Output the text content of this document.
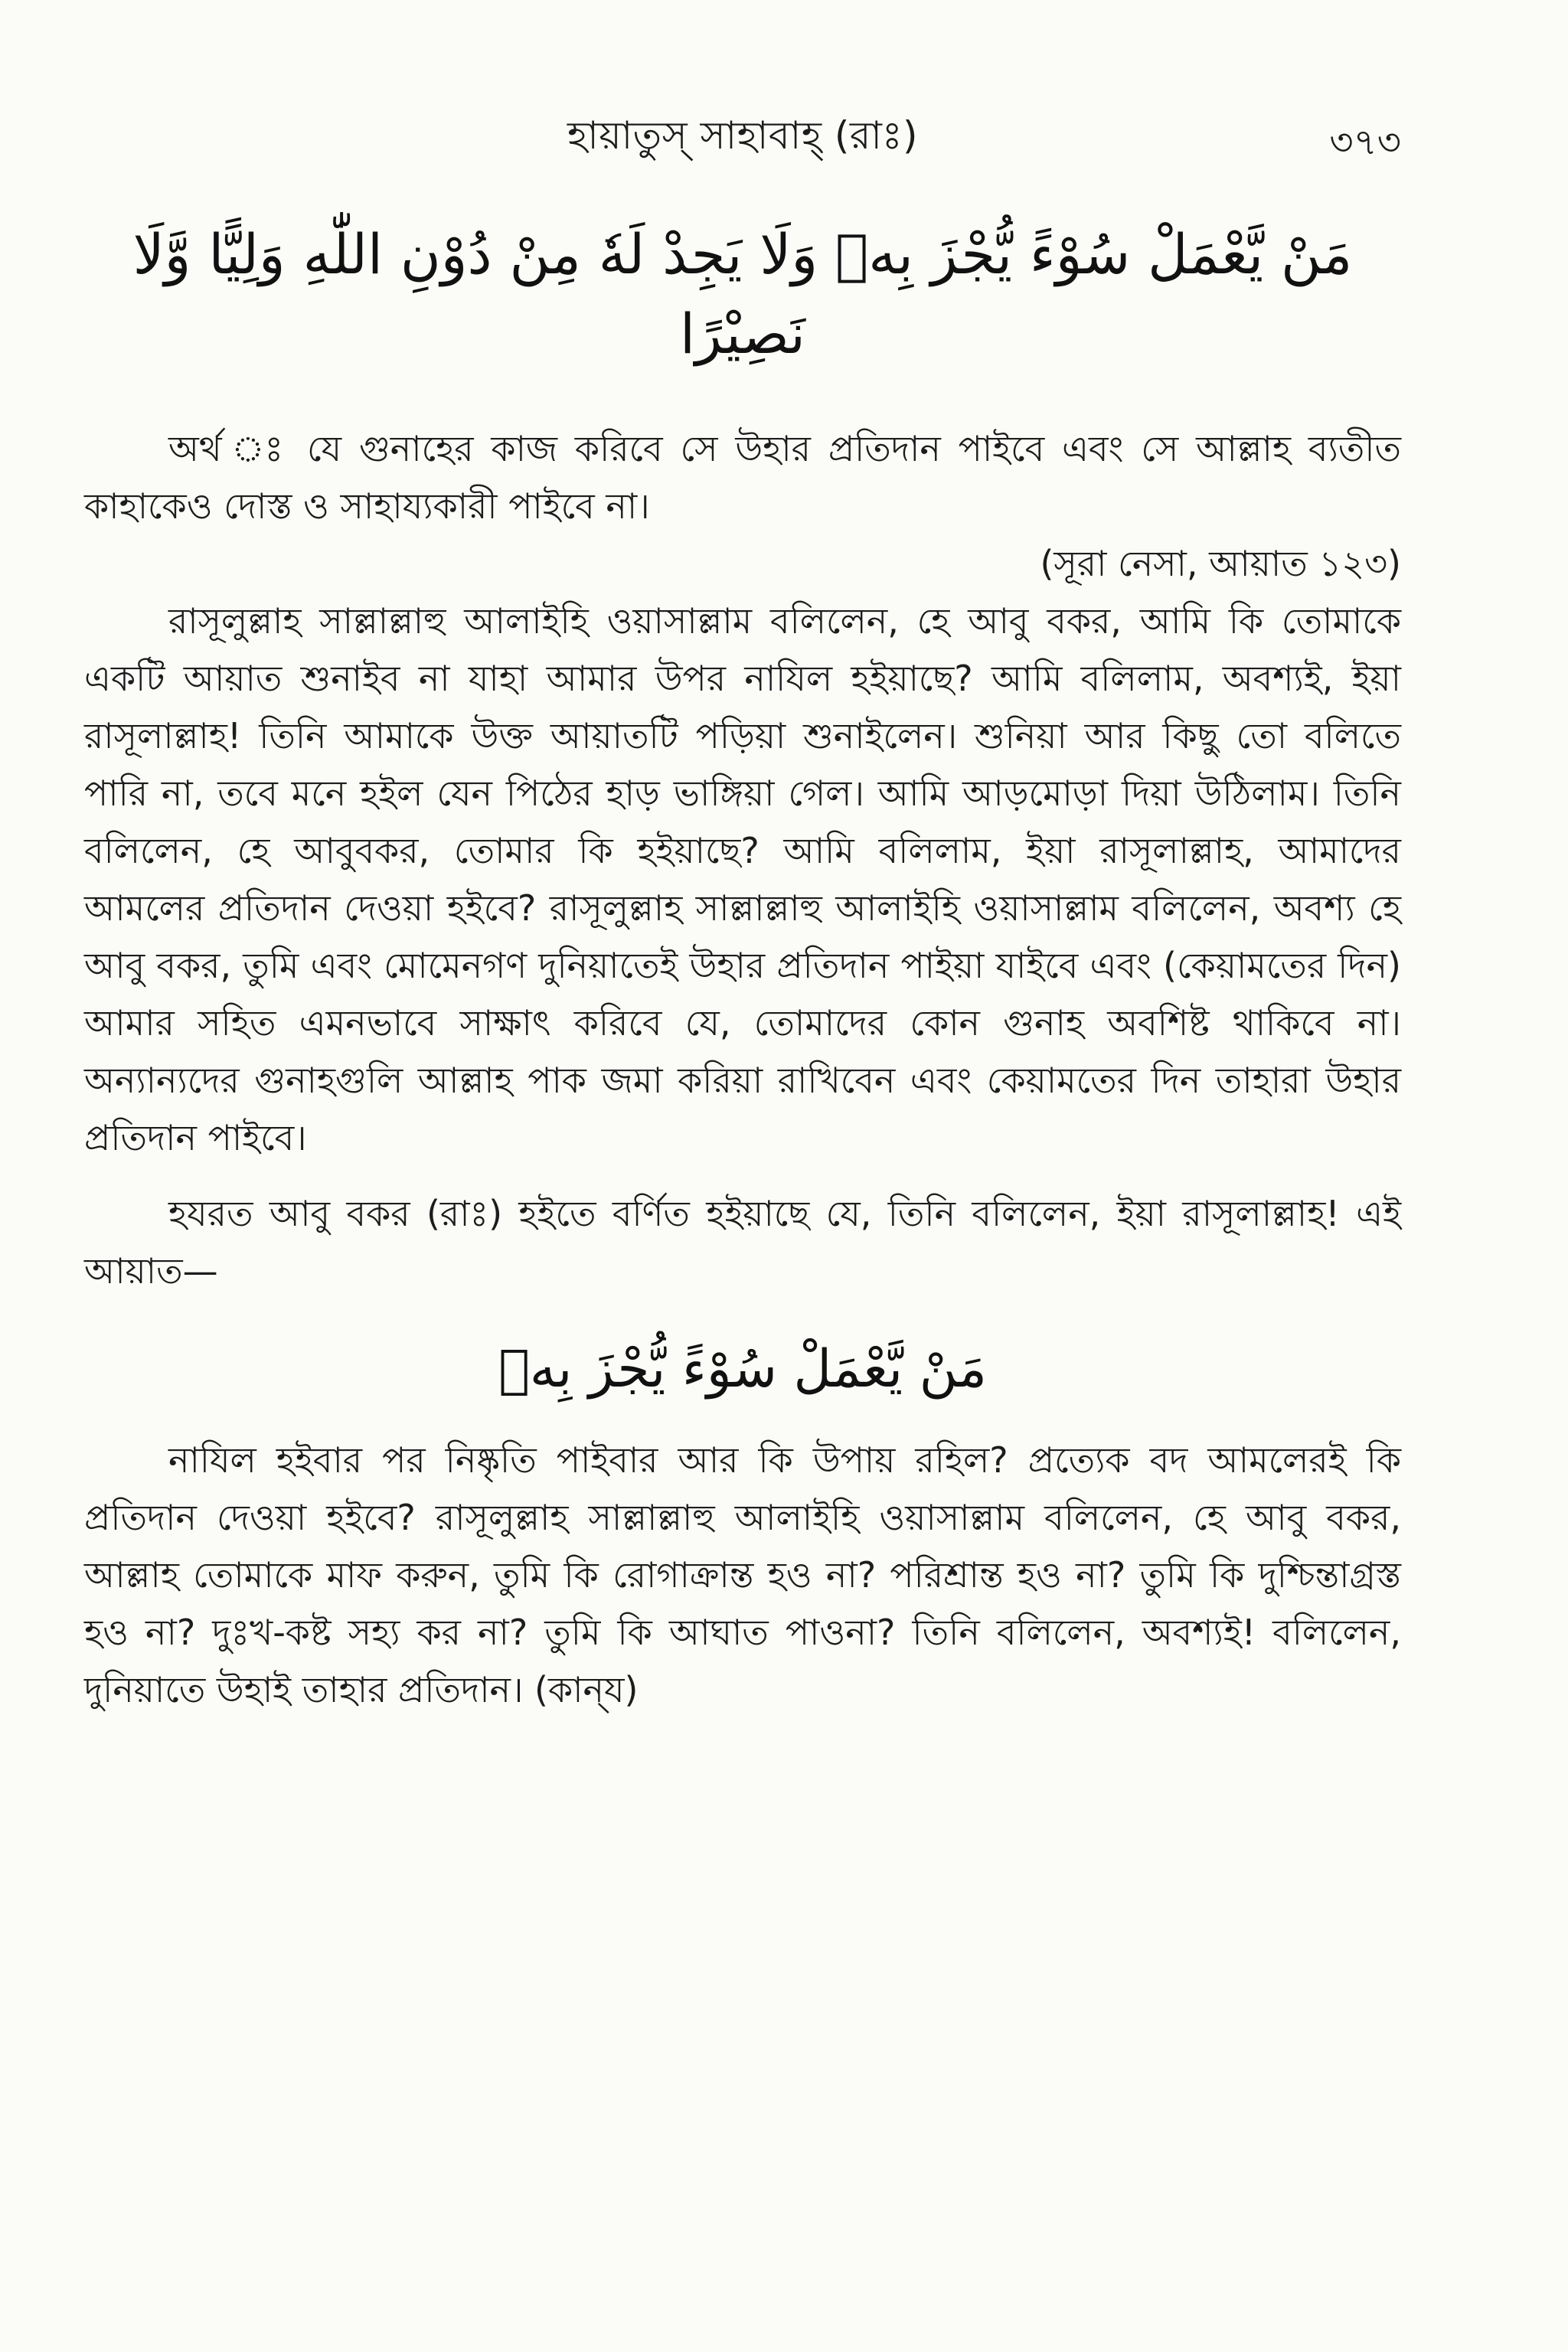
হায়াতুস্ সাহাবাহ্ (রাঃ)	৩৭৩
مَنْ يَّعْمَلْ سُوْءً يُّجْزَ بِهٖ وَلَا يَجِدْ لَهٗ مِنْ دُوْنِ اللّٰهِ وَلِيًّا وَّلَا نَصِيْرًا

অর্থ ঃ যে গুনাহের কাজ করিবে সে উহার প্রতিদান পাইবে এবং সে আল্লাহ ব্যতীত কাহাকেও দোস্ত ও সাহায্যকারী পাইবে না।

(সূরা নেসা, আয়াত ১২৩)

রাসূলুল্লাহ সাল্লাল্লাহু আলাইহি ওয়াসাল্লাম বলিলেন, হে আবু বকর, আমি কি তোমাকে একটি আয়াত শুনাইব না যাহা আমার উপর নাযিল হইয়াছে? আমি বলিলাম, অবশ্যই, ইয়া রাসূলাল্লাহ! তিনি আমাকে উক্ত আয়াতটি পড়িয়া শুনাইলেন। শুনিয়া আর কিছু তো বলিতে পারি না, তবে মনে হইল যেন পিঠের হাড় ভাঙ্গিয়া গেল। আমি আড়মোড়া দিয়া উঠিলাম। তিনি বলিলেন, হে আবুবকর, তোমার কি হইয়াছে? আমি বলিলাম, ইয়া রাসূলাল্লাহ, আমাদের আমলের প্রতিদান দেওয়া হইবে? রাসূলুল্লাহ সাল্লাল্লাহু আলাইহি ওয়াসাল্লাম বলিলেন, অবশ্য হে আবু বকর, তুমি এবং মোমেনগণ দুনিয়াতেই উহার প্রতিদান পাইয়া যাইবে এবং (কেয়ামতের দিন) আমার সহিত এমনভাবে সাক্ষাৎ করিবে যে, তোমাদের কোন গুনাহ অবশিষ্ট থাকিবে না। অন্যান্যদের গুনাহগুলি আল্লাহ পাক জমা করিয়া রাখিবেন এবং কেয়ামতের দিন তাহারা উহার প্রতিদান পাইবে।

হযরত আবু বকর (রাঃ) হইতে বর্ণিত হইয়াছে যে, তিনি বলিলেন, ইয়া রাসূলাল্লাহ! এই আয়াত—

مَنْ يَّعْمَلْ سُوْءً يُّجْزَ بِهٖ

নাযিল হইবার পর নিষ্কৃতি পাইবার আর কি উপায় রহিল? প্রত্যেক বদ আমলেরই কি প্রতিদান দেওয়া হইবে? রাসূলুল্লাহ সাল্লাল্লাহু আলাইহি ওয়াসাল্লাম বলিলেন, হে আবু বকর, আল্লাহ তোমাকে মাফ করুন, তুমি কি রোগাক্রান্ত হও না? পরিশ্রান্ত হও না? তুমি কি দুশ্চিন্তাগ্রস্ত হও না? দুঃখ-কষ্ট সহ্য কর না? তুমি কি আঘাত পাওনা? তিনি বলিলেন, অবশ্যই! বলিলেন, দুনিয়াতে উহাই তাহার প্রতিদান। (কান্‌য)
